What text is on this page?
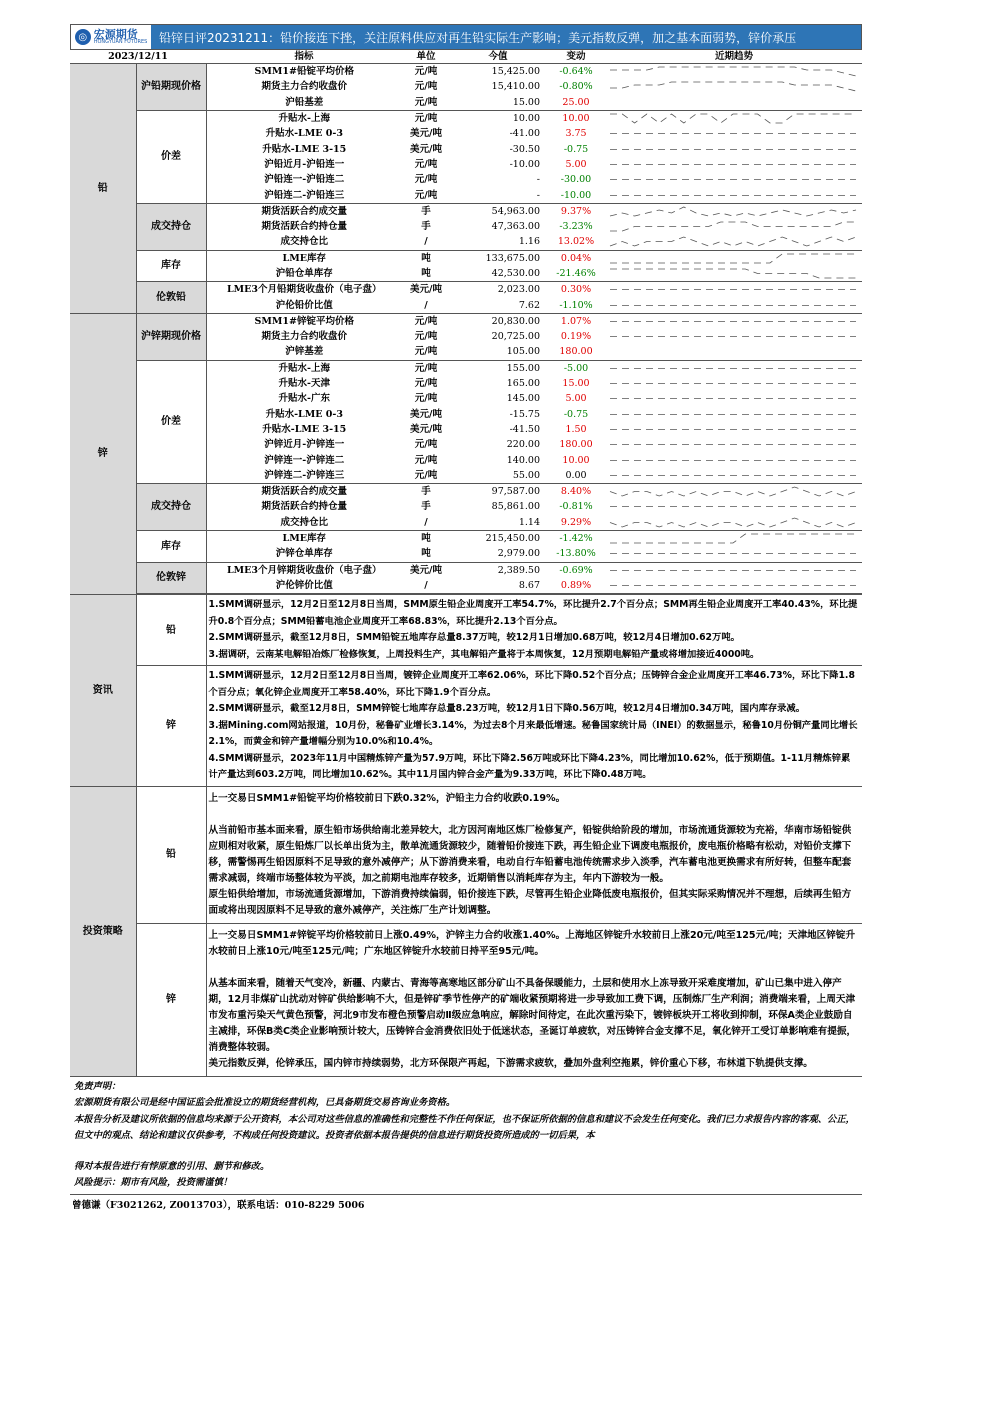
◎ 宏源期货
HONGYUAN FUTURES 铅锌日评20231211：铅价接连下挫，关注原料供应对再生铅实际生产影响；美元指数反弹，加之基本面弱势，锌价承压
2023/12/11		指标	单位	今值	变动	近期趋势
铅	沪铅期现价格	SMM1#铅锭平均价格	元/吨	15,425.00	-0.64%	

		期货主力合约收盘价	元/吨	15,410.00	-0.80%	

		沪铅基差	元/吨	15.00	25.00	
	价差	升贴水-上海	元/吨	10.00	10.00	

		升贴水-LME 0-3	美元/吨	-41.00	3.75	

		升贴水-LME 3-15	美元/吨	-30.50	-0.75	

		沪铅近月-沪铅连一	元/吨	-10.00	5.00	

		沪铅连一-沪铅连二	元/吨	-	-30.00	

		沪铅连二-沪铅连三	元/吨	-	-10.00	

	成交持仓	期货活跃合约成交量	手	54,963.00	9.37%	

		期货活跃合约持仓量	手	47,363.00	-3.23%	

		成交持仓比	/	1.16	13.02%	

	库存	LME库存	吨	133,675.00	0.04%	

		沪铅仓单库存	吨	42,530.00	-21.46%	

	伦敦铅	LME3个月铅期货收盘价（电子盘）	美元/吨	2,023.00	0.30%	

		沪伦铅价比值	/	7.62	-1.10%	

锌	沪锌期现价格	SMM1#锌锭平均价格	元/吨	20,830.00	1.07%	

		期货主力合约收盘价	元/吨	20,725.00	0.19%	

		沪锌基差	元/吨	105.00	180.00	
	价差	升贴水-上海	元/吨	155.00	-5.00	

		升贴水-天津	元/吨	165.00	15.00	

		升贴水-广东	元/吨	145.00	5.00	

		升贴水-LME 0-3	美元/吨	-15.75	-0.75	

		升贴水-LME 3-15	美元/吨	-41.50	1.50	

		沪锌近月-沪锌连一	元/吨	220.00	180.00	

		沪锌连一-沪锌连二	元/吨	140.00	10.00	

		沪锌连二-沪锌连三	元/吨	55.00	0.00	

	成交持仓	期货活跃合约成交量	手	97,587.00	8.40%	

		期货活跃合约持仓量	手	85,861.00	-0.81%	

		成交持仓比	/	1.14	9.29%	

	库存	LME库存	吨	215,450.00	-1.42%	

		沪锌仓单库存	吨	2,979.00	-13.80%	

	伦敦锌	LME3个月锌期货收盘价（电子盘）	美元/吨	2,389.50	-0.69%	

		沪伦锌价比值	/	8.67	0.89%	
资讯	铅	1.SMM调研显示，12月2日至12月8日当周，SMM原生铅企业周度开工率54.7%，环比提升2.7个百分点；SMM再生铅企业周度开工率40.43%，环比提升0.8个百分点；SMM铅蓄电池企业周度开工率68.83%，环比提升2.13个百分点。

2.SMM调研显示，截至12月8日，SMM铅锭五地库存总量8.37万吨，较12月1日增加0.68万吨，较12月4日增加0.62万吨。

3.据调研，云南某电解铅冶炼厂检修恢复，上周投料生产，其电解铅产量将于本周恢复，12月预期电解铅产量或将增加接近4000吨。

	锌	1.SMM调研显示，12月2日至12月8日当周，镀锌企业周度开工率62.06%，环比下降0.52个百分点；压铸锌合金企业周度开工率46.73%，环比下降1.8个百分点；氧化锌企业周度开工率58.40%，环比下降1.9个百分点。

2.SMM调研显示，截至12月8日，SMM锌锭七地库存总量8.23万吨，较12月1日下降0.56万吨，较12月4日增加0.34万吨，国内库存录减。

3.据Mining.com网站报道，10月份，秘鲁矿业增长3.14%，为过去8个月来最低增速。秘鲁国家统计局（INEI）的数据显示，秘鲁10月份铜产量同比增长2.1%，而黄金和锌产量增幅分别为10.0%和10.4%。

4.SMM调研显示，2023年11月中国精炼锌产量为57.9万吨，环比下降2.56万吨或环比下降4.23%，同比增加10.62%，低于预期值。1-11月精炼锌累计产量达到603.2万吨，同比增加10.62%。其中11月国内锌合金产量为9.33万吨，环比下降0.48万吨。

投资策略	铅	上一交易日SMM1#铅锭平均价格较前日下跌0.32%，沪铅主力合约收跌0.19%。

从当前铅市基本面来看，原生铅市场供给南北差异较大，北方因河南地区炼厂检修复产，铅锭供给阶段的增加，市场流通货源较为充裕，华南市场铅锭供应则相对收紧，原生铅炼厂以长单出货为主，散单流通货源较少，随着铅价接连下跌，再生铅企业下调废电瓶报价，废电瓶价格略有松动，对铅价支撑下移，需警惕再生铅因原料不足导致的意外减停产；从下游消费来看，电动自行车铅蓄电池传统需求步入淡季，汽车蓄电池更换需求有所好转，但整车配套需求减弱，终端市场整体较为平淡，加之前期电池库存较多，近期销售以消耗库存为主，年内下游较为一般。

原生铅供给增加，市场流通货源增加，下游消费持续偏弱，铅价接连下跌，尽管再生铅企业降低废电瓶报价，但其实际采购情况并不理想，后续再生铅方面或将出现因原料不足导致的意外减停产，关注炼厂生产计划调整。

	锌	上一交易日SMM1#锌锭平均价格较前日上涨0.49%，沪锌主力合约收涨1.40%。上海地区锌锭升水较前日上涨20元/吨至125元/吨；天津地区锌锭升水较前日上涨10元/吨至125元/吨；广东地区锌锭升水较前日持平至95元/吨。

从基本面来看，随着天气变冷，新疆、内蒙古、青海等高寒地区部分矿山不具备保暖能力，土层和使用水上冻导致开采难度增加，矿山已集中进入停产期，12月非煤矿山扰动对锌矿供给影响不大，但是锌矿季节性停产的矿端收紧预期将进一步导致加工费下调，压制炼厂生产利润；消费端来看，上周天津市发布重污染天气黄色预警，河北9市发布橙色预警启动Ⅱ级应急响应，解除时间待定，在此次重污染下，镀锌板块开工将收到抑制，环保A类企业鼓励自主减排，环保B类C类企业影响预计较大，压铸锌合金消费依旧处于低迷状态，圣诞订单疲软，对压铸锌合金支撑不足，氧化锌开工受订单影响难有提振，消费整体较弱。

美元指数反弹，伦锌承压，国内锌市持续弱势，北方环保限产再起，下游需求疲软，叠加外盘利空拖累，锌价重心下移，布林道下轨提供支撑。

免责声明：

宏源期货有限公司是经中国证监会批准设立的期货经营机构，已具备期货交易咨询业务资格。

本报告分析及建议所依据的信息均来源于公开资料，本公司对这些信息的准确性和完整性不作任何保证，也不保证所依据的信息和建议不会发生任何变化。我们已力求报告内容的客观、公正，但文中的观点、结论和建议仅供参考，不构成任何投资建议。投资者依据本报告提供的信息进行期货投资所造成的一切后果，本

得对本报告进行有悖原意的引用、删节和修改。

风险提示：期市有风险，投资需谨慎！

曾德谦（F3021262, Z0013703），联系电话：010-8229 5006
